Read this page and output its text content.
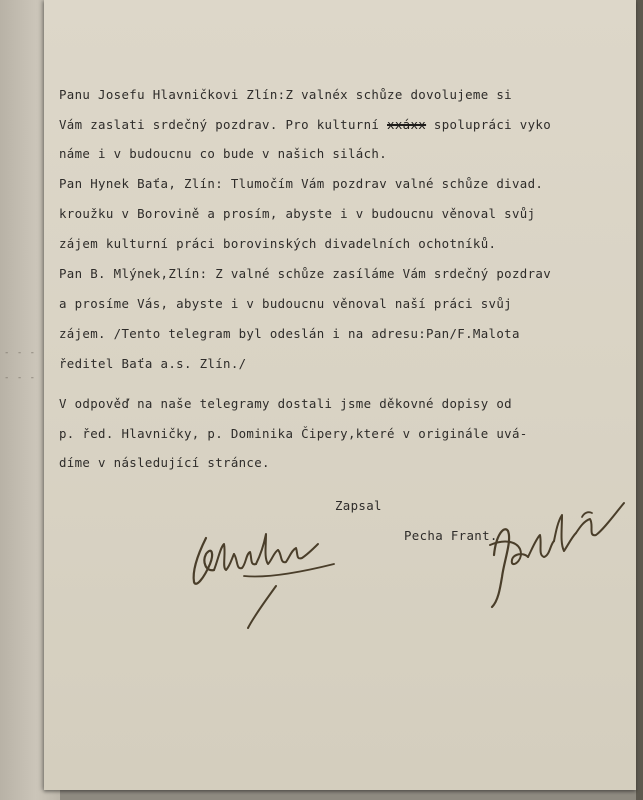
- - -
- - -
Panu Josefu Hlavničkovi Zlín:Z valnéx schůze dovolujeme si
Vám zaslati srdečný pozdrav. Pro kulturní xxáxx spolupráci vyko
náme i v budoucnu co bude v našich silách.
Pan Hynek Baťa, Zlín: Tlumočím Vám pozdrav valné schůze divad.
kroužku v Borovině a prosím, abyste i v budoucnu věnoval svůj
zájem kulturní práci borovinských divadelních ochotníků.
Pan B. Mlýnek,Zlín: Z valné schůze zasíláme Vám srdečný pozdrav
a prosíme Vás, abyste i v budoucnu věnoval naší práci svůj
zájem. /Tento telegram byl odeslán i na adresu:Pan/F.Malota
ředitel Baťa a.s. Zlín./
V odpověď na naše telegramy dostali jsme děkovné dopisy od
p. řed. Hlavničky, p. Dominika Čipery,které v originále uvá-
díme v následující stránce.
Zapsal
Pecha Frant.
